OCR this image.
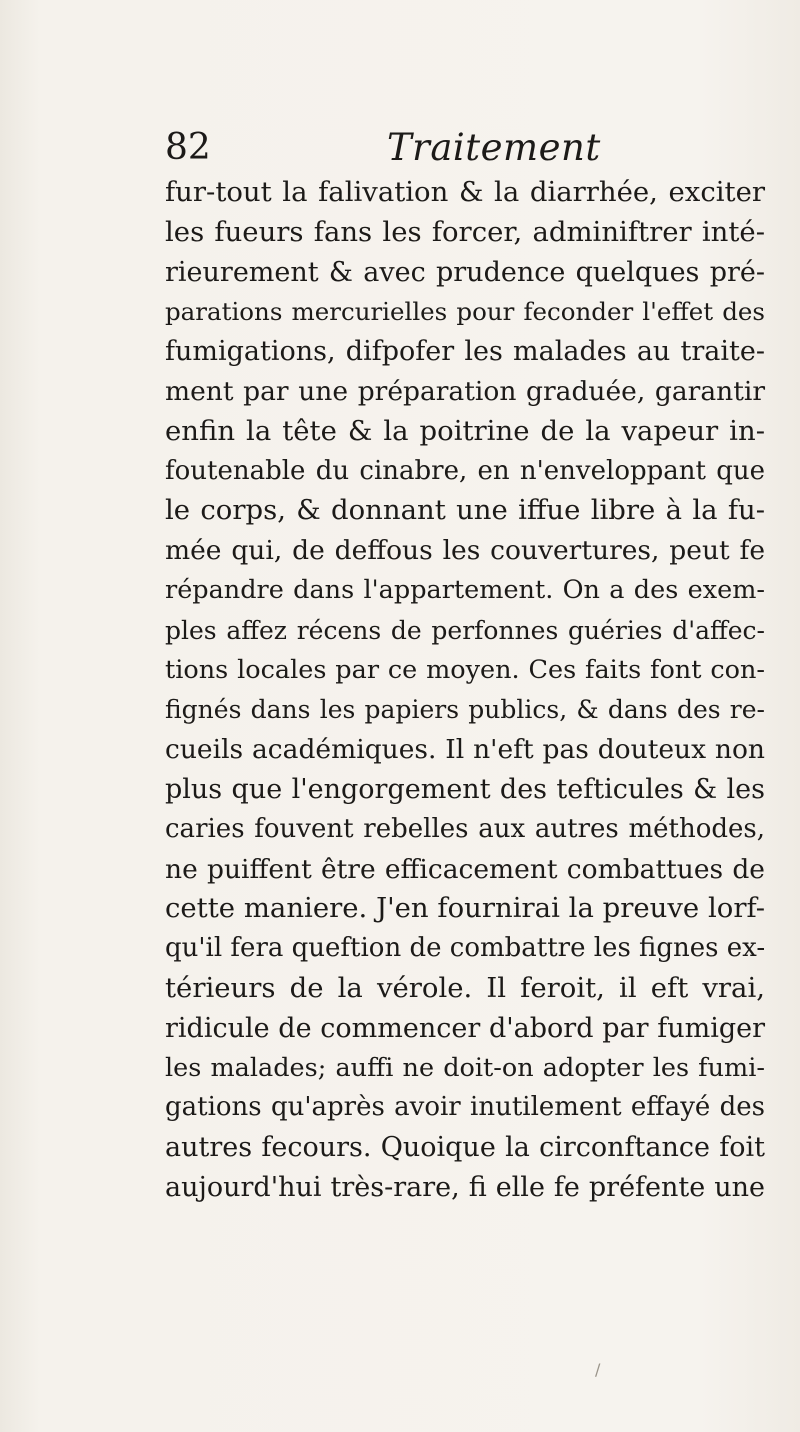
82	Traitement
fur-tout la falivation & la diarrhée, exciter
les fueurs fans les forcer, adminiftrer inté-
rieurement & avec prudence quelques pré-
parations mercurielles pour feconder l'effet des
fumigations, difpofer les malades au traite-
ment par une préparation graduée, garantir
enfin la tête & la poitrine de la vapeur in-
foutenable du cinabre, en n'enveloppant que
le corps, & donnant une iffue libre à la fu-
mée qui, de deffous les couvertures, peut fe
répandre dans l'appartement. On a des exem-
ples affez récens de perfonnes guéries d'affec-
tions locales par ce moyen. Ces faits font con-
fignés dans les papiers publics, & dans des re-
cueils académiques. Il n'eft pas douteux non
plus que l'engorgement des tefticules & les
caries fouvent rebelles aux autres méthodes,
ne puiffent être efficacement combattues de
cette maniere. J'en fournirai la preuve lorf-
qu'il fera queftion de combattre les fignes ex-
térieurs de la vérole. Il feroit, il eft vrai,
ridicule de commencer d'abord par fumiger
les malades; auffi ne doit-on adopter les fumi-
gations qu'après avoir inutilement effayé des
autres fecours. Quoique la circonftance foit
aujourd'hui très-rare, fi elle fe préfente une
/
